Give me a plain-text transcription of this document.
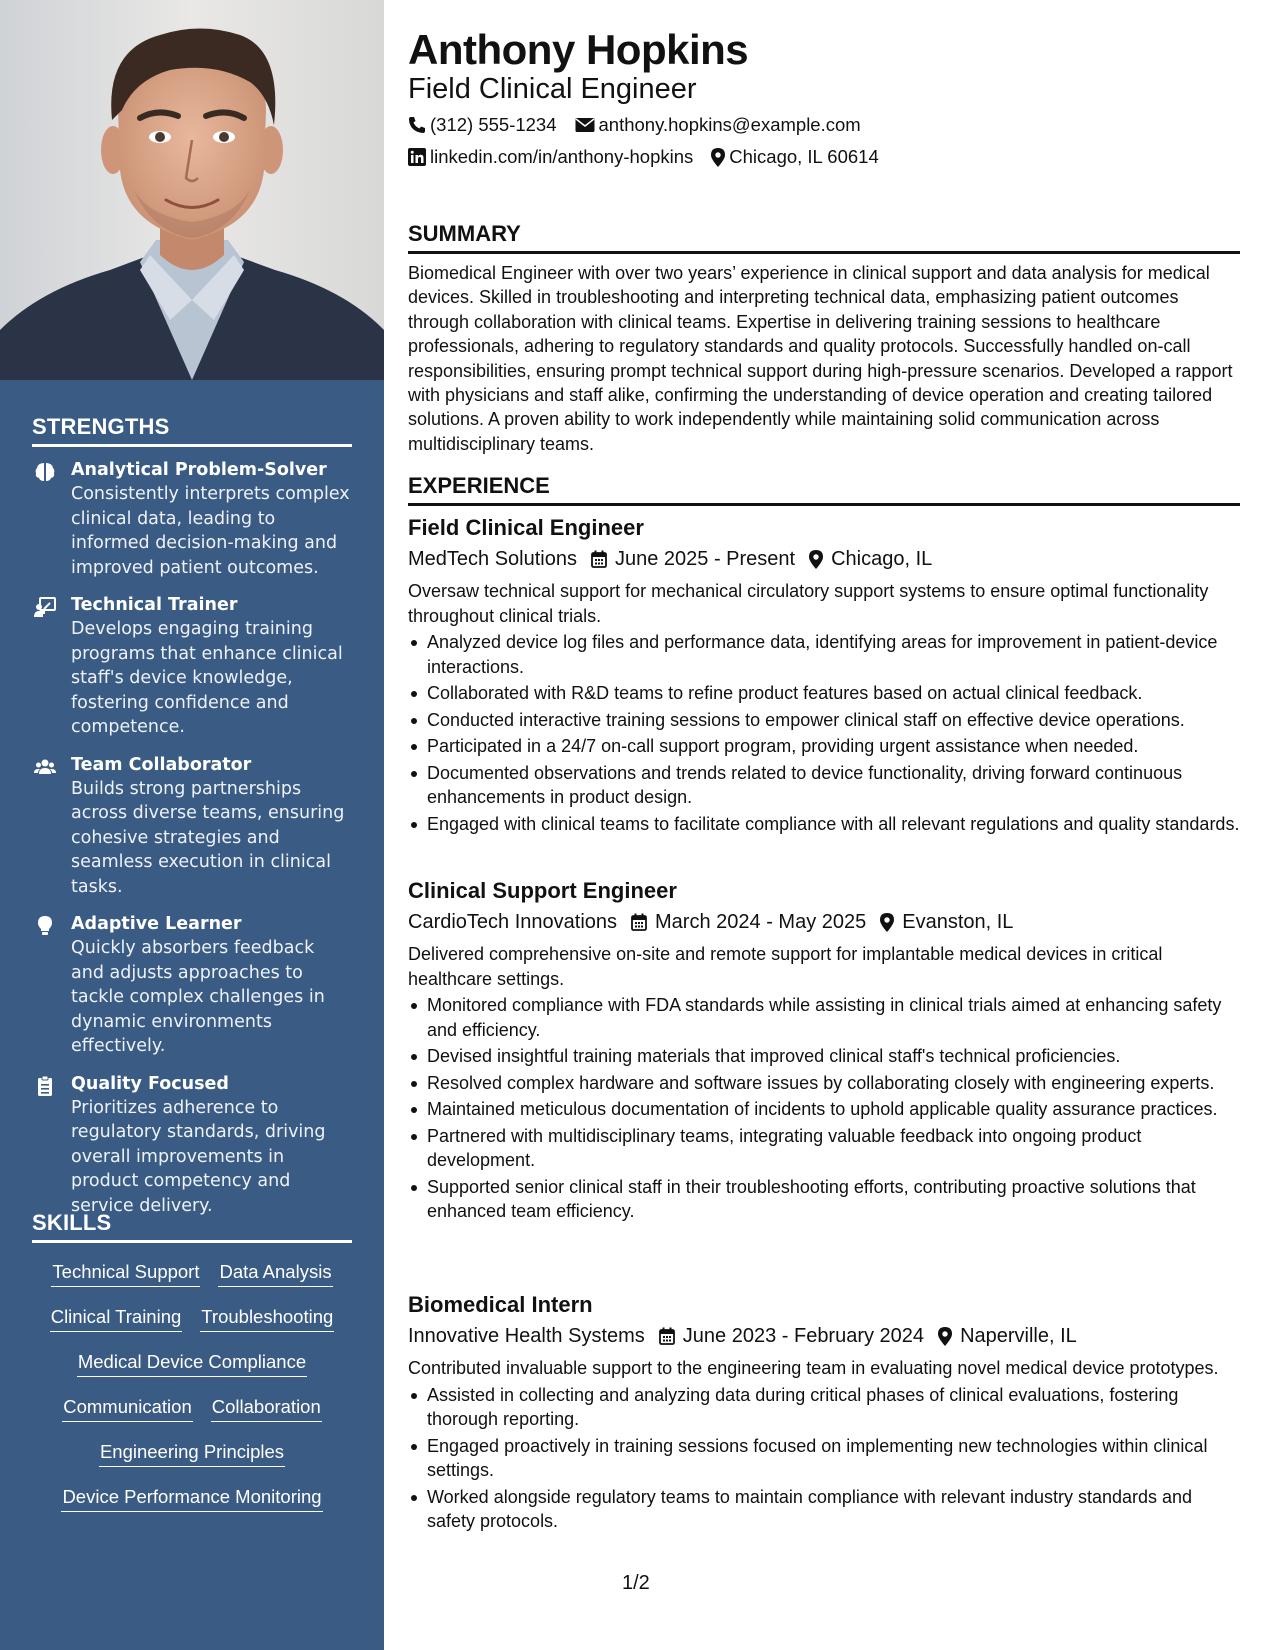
STRENGTHS
Analytical Problem-Solver
Consistently interprets complex clinical data, leading to informed decision-making and improved patient outcomes.
Technical Trainer
Develops engaging training programs that enhance clinical staff's device knowledge, fostering confidence and competence.
Team Collaborator
Builds strong partnerships across diverse teams, ensuring cohesive strategies and seamless execution in clinical tasks.
Adaptive Learner
Quickly absorbers feedback and adjusts approaches to tackle complex challenges in dynamic environments effectively.
Quality Focused
Prioritizes adherence to regulatory standards, driving overall improvements in product competency and service delivery.
SKILLS
Technical Support Data Analysis
Clinical Training Troubleshooting
Medical Device Compliance
Communication Collaboration
Engineering Principles
Device Performance Monitoring
Anthony Hopkins
Field Clinical Engineer
(312) 555-1234 anthony.hopkins@example.com
linkedin.com/in/anthony-hopkins Chicago, IL 60614
SUMMARY
Biomedical Engineer with over two years’ experience in clinical support and data analysis for medical devices. Skilled in troubleshooting and interpreting technical data, emphasizing patient outcomes through collaboration with clinical teams. Expertise in delivering training sessions to healthcare professionals, adhering to regulatory standards and quality protocols. Successfully handled on-call responsibilities, ensuring prompt technical support during high-pressure scenarios. Developed a rapport with physicians and staff alike, confirming the understanding of device operation and creating tailored solutions. A proven ability to work independently while maintaining solid communication across multidisciplinary teams.
EXPERIENCE
Field Clinical Engineer
MedTech Solutions June 2025 - Present Chicago, IL
Oversaw technical support for mechanical circulatory support systems to ensure optimal functionality throughout clinical trials.
Analyzed device log files and performance data, identifying areas for improvement in patient-device interactions.
Collaborated with R&D teams to refine product features based on actual clinical feedback.
Conducted interactive training sessions to empower clinical staff on effective device operations.
Participated in a 24/7 on-call support program, providing urgent assistance when needed.
Documented observations and trends related to device functionality, driving forward continuous enhancements in product design.
Engaged with clinical teams to facilitate compliance with all relevant regulations and quality standards.
Clinical Support Engineer
CardioTech Innovations March 2024 - May 2025 Evanston, IL
Delivered comprehensive on-site and remote support for implantable medical devices in critical healthcare settings.
Monitored compliance with FDA standards while assisting in clinical trials aimed at enhancing safety and efficiency.
Devised insightful training materials that improved clinical staff's technical proficiencies.
Resolved complex hardware and software issues by collaborating closely with engineering experts.
Maintained meticulous documentation of incidents to uphold applicable quality assurance practices.
Partnered with multidisciplinary teams, integrating valuable feedback into ongoing product development.
Supported senior clinical staff in their troubleshooting efforts, contributing proactive solutions that enhanced team efficiency.
Biomedical Intern
Innovative Health Systems June 2023 - February 2024 Naperville, IL
Contributed invaluable support to the engineering team in evaluating novel medical device prototypes.
Assisted in collecting and analyzing data during critical phases of clinical evaluations, fostering thorough reporting.
Engaged proactively in training sessions focused on implementing new technologies within clinical settings.
Worked alongside regulatory teams to maintain compliance with relevant industry standards and safety protocols.
1/2
